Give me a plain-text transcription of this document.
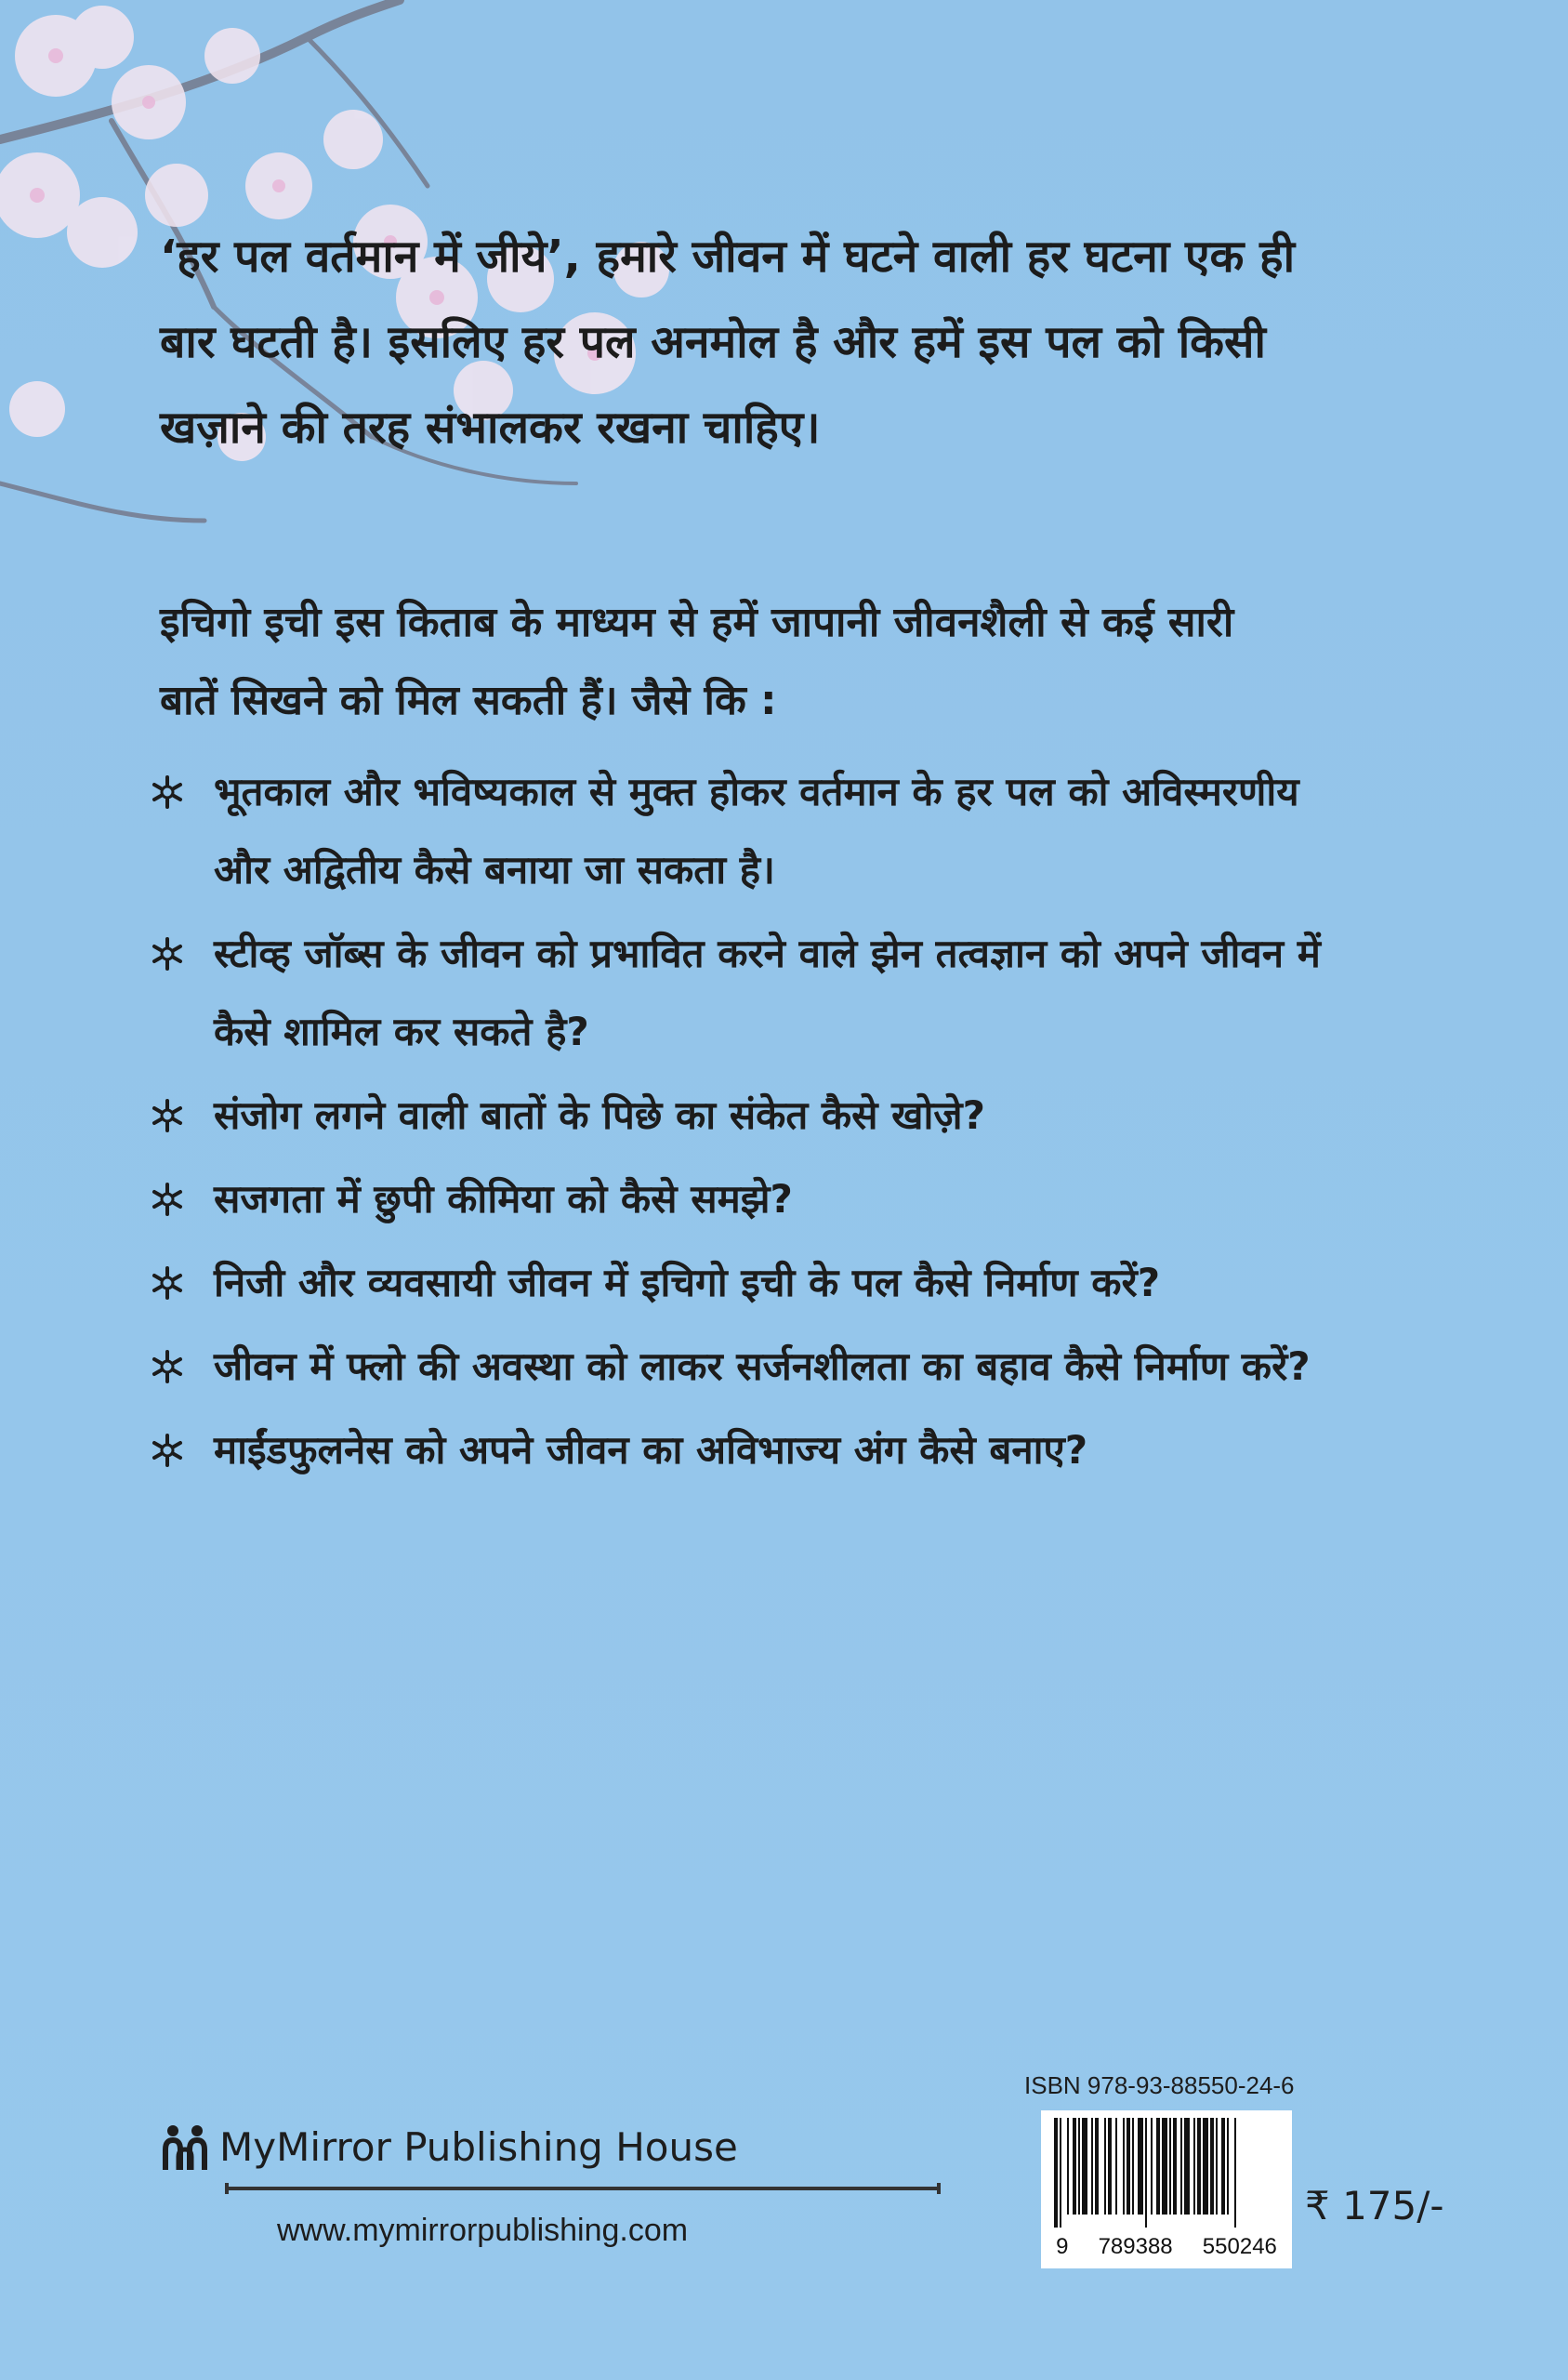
‘हर पल वर्तमान में जीये’, हमारे जीवन में घटने वाली हर घटना एक ही

बार घटती है। इसलिए हर पल अनमोल है और हमें इस पल को किसी

खज़ाने की तरह संभालकर रखना चाहिए।

इचिगो इची इस किताब के माध्यम से हमें जापानी जीवनशैली से कई सारी

बातें सिखने को मिल सकती हैं। जैसे कि :

भूतकाल और भविष्यकाल से मुक्त होकर वर्तमान के हर पल को अविस्मरणीय
और अद्वितीय कैसे बनाया जा सकता है।
स्टीव्ह जॉब्स के जीवन को प्रभावित करने वाले झेन तत्वज्ञान को अपने जीवन में
कैसे शामिल कर सकते है?
संजोग लगने वाली बातों के पिछे का संकेत कैसे खोज़े?
सजगता में छुपी कीमिया को कैसे समझे?
निजी और व्यवसायी जीवन में इचिगो इची के पल कैसे निर्माण करें?
जीवन में फ्लो की अवस्था को लाकर सर्जनशीलता का बहाव कैसे निर्माण करें?
माईंडफुलनेस को अपने जीवन का अविभाज्य अंग कैसे बनाए?
MyMirror Publishing House
www.mymirrorpublishing.com
ISBN 978-93-88550-24-6
9 789388 550246
₹ 175/-
